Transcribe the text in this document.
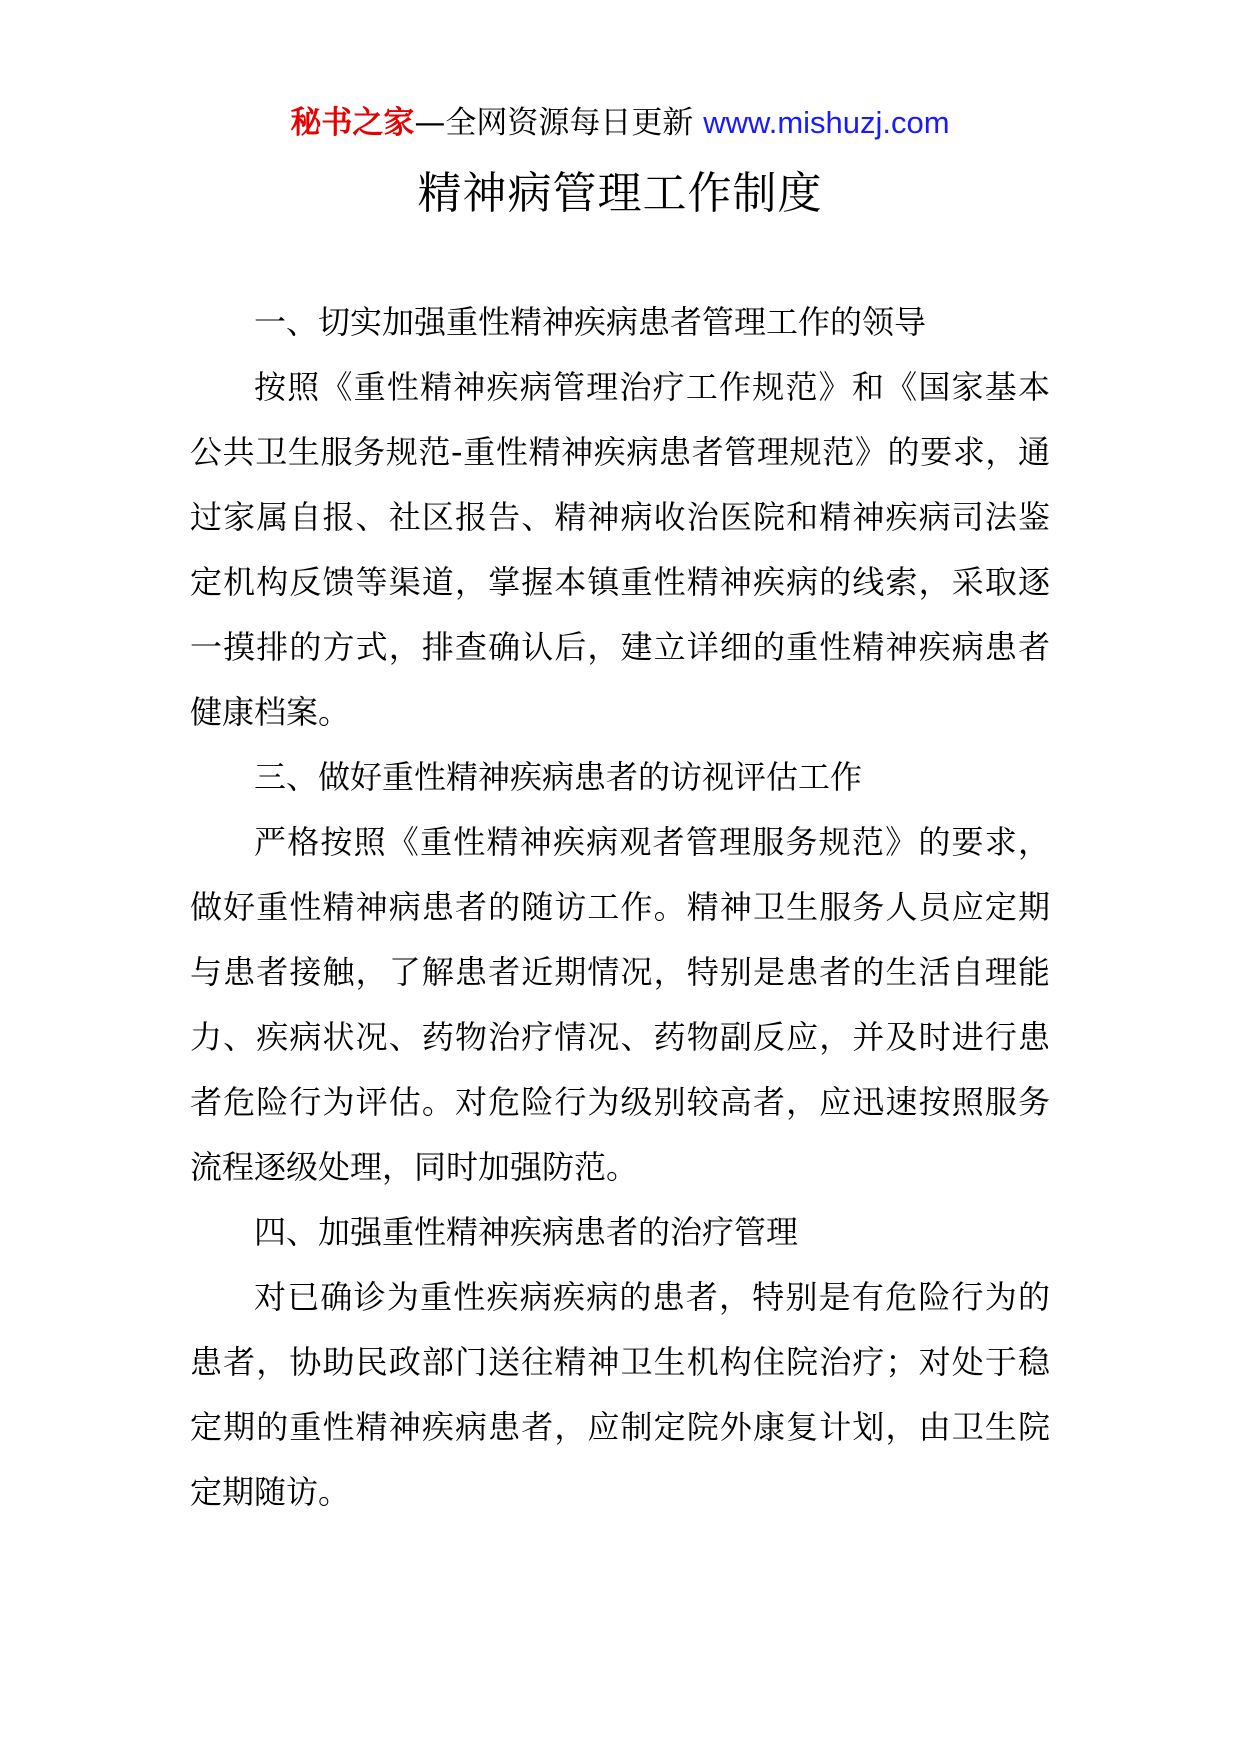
秘书之家—全网资源每日更新 www.mishuzj.com
精神病管理工作制度

一、切实加强重性精神疾病患者管理工作的领导

按照《重性精神疾病管理治疗工作规范》和《国家基本公共卫生服务规范-重性精神疾病患者管理规范》的要求，通过家属自报、社区报告、精神病收治医院和精神疾病司法鉴定机构反馈等渠道，掌握本镇重性精神疾病的线索，采取逐一摸排的方式，排查确认后，建立详细的重性精神疾病患者健康档案。

三、做好重性精神疾病患者的访视评估工作

严格按照《重性精神疾病观者管理服务规范》的要求，做好重性精神病患者的随访工作。精神卫生服务人员应定期与患者接触，了解患者近期情况，特别是患者的生活自理能力、疾病状况、药物治疗情况、药物副反应，并及时进行患者危险行为评估。对危险行为级别较高者，应迅速按照服务流程逐级处理，同时加强防范。

四、加强重性精神疾病患者的治疗管理

对已确诊为重性疾病疾病的患者，特别是有危险行为的患者，协助民政部门送往精神卫生机构住院治疗；对处于稳定期的重性精神疾病患者，应制定院外康复计划，由卫生院定期随访。
